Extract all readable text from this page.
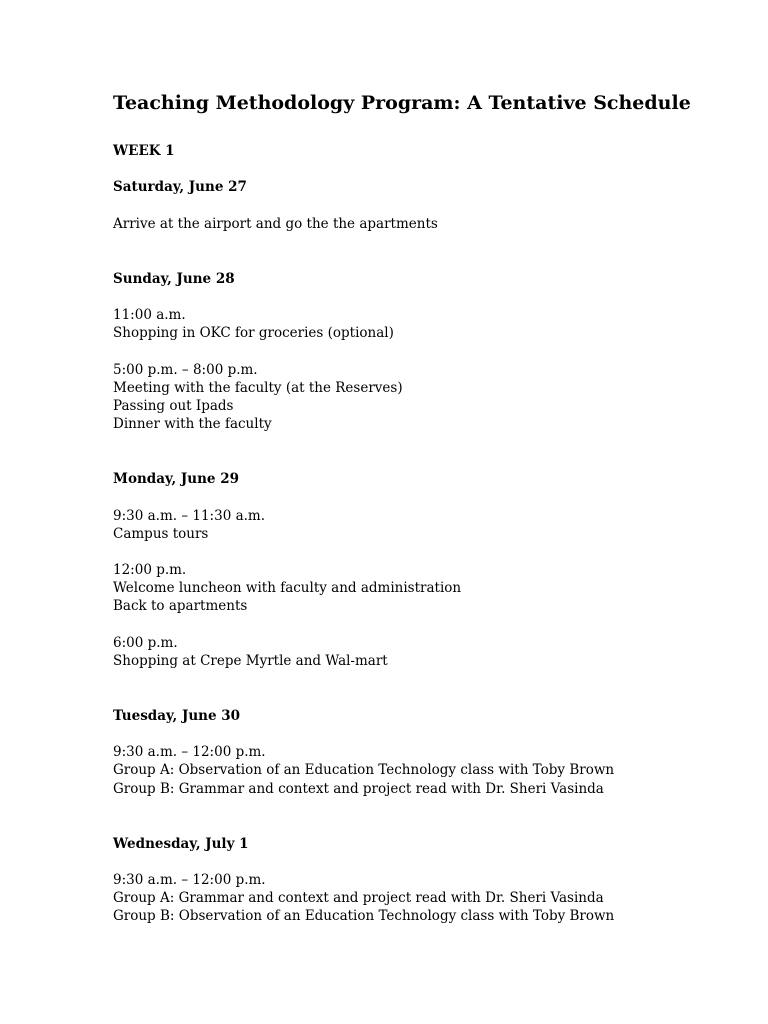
Teaching Methodology Program: A Tentative Schedule

WEEK 1

Saturday, June 27

Arrive at the airport and go the the apartments

Sunday, June 28

11:00 a.m.

Shopping in OKC for groceries (optional)

5:00 p.m. – 8:00 p.m.

Meeting with the faculty (at the Reserves)

Passing out Ipads

Dinner with the faculty

Monday, June 29

9:30 a.m. – 11:30 a.m.

Campus tours

12:00 p.m.

Welcome luncheon with faculty and administration

Back to apartments

6:00 p.m.

Shopping at Crepe Myrtle and Wal-mart

Tuesday, June 30

9:30 a.m. – 12:00 p.m.

Group A: Observation of an Education Technology class with Toby Brown

Group B: Grammar and context and project read with Dr. Sheri Vasinda

Wednesday, July 1

9:30 a.m. – 12:00 p.m.

Group A: Grammar and context and project read with Dr. Sheri Vasinda

Group B: Observation of an Education Technology class with Toby Brown
